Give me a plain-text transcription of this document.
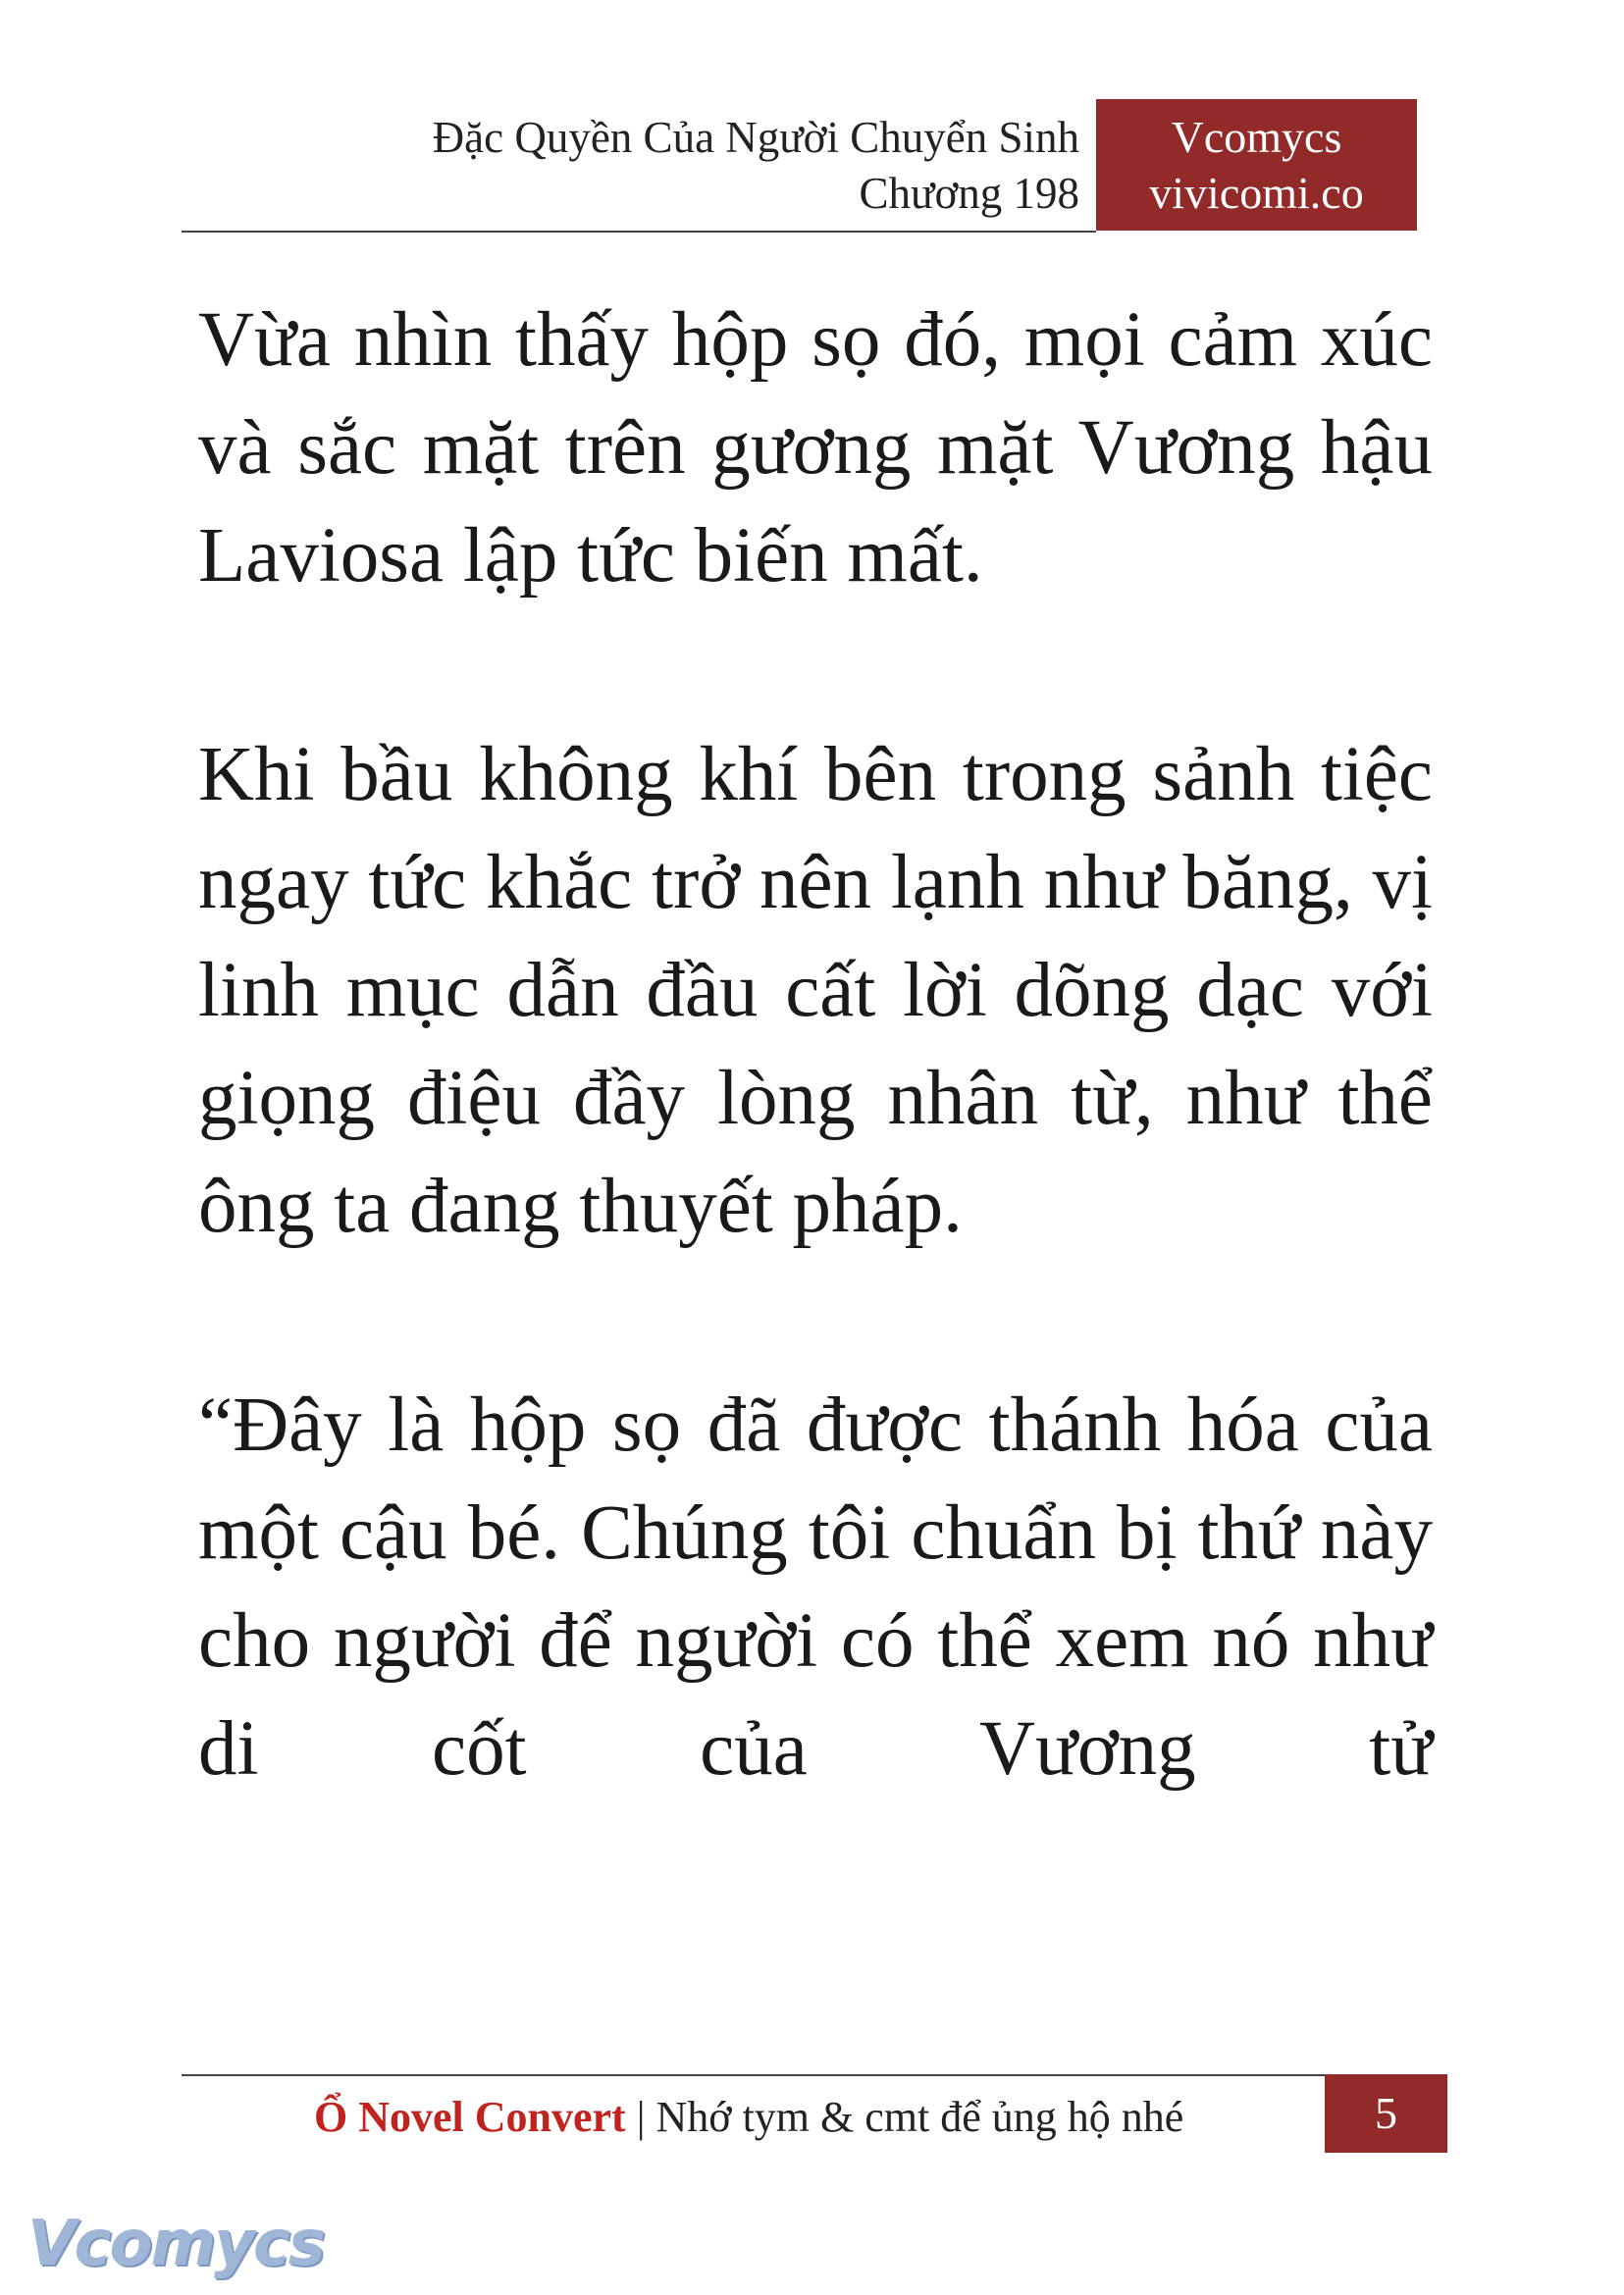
Đặc Quyền Của Người Chuyển Sinh
Chương 198
Vcomycs
vivicomi.co

Vừa nhìn thấy hộp sọ đó, mọi cảm xúc và sắc mặt trên gương mặt Vương hậu Laviosa lập tức biến mất.

Khi bầu không khí bên trong sảnh tiệc ngay tức khắc trở nên lạnh như băng, vị linh mục dẫn đầu cất lời dõng dạc với giọng điệu đầy lòng nhân từ, như thể ông ta đang thuyết pháp.

“Đây là hộp sọ đã được thánh hóa của một cậu bé. Chúng tôi chuẩn bị thứ này cho người để người có thể xem nó như di cốt của Vương tử

Ổ Novel Convert | Nhớ tym & cmt để ủng hộ nhé	5
Vcomycs
